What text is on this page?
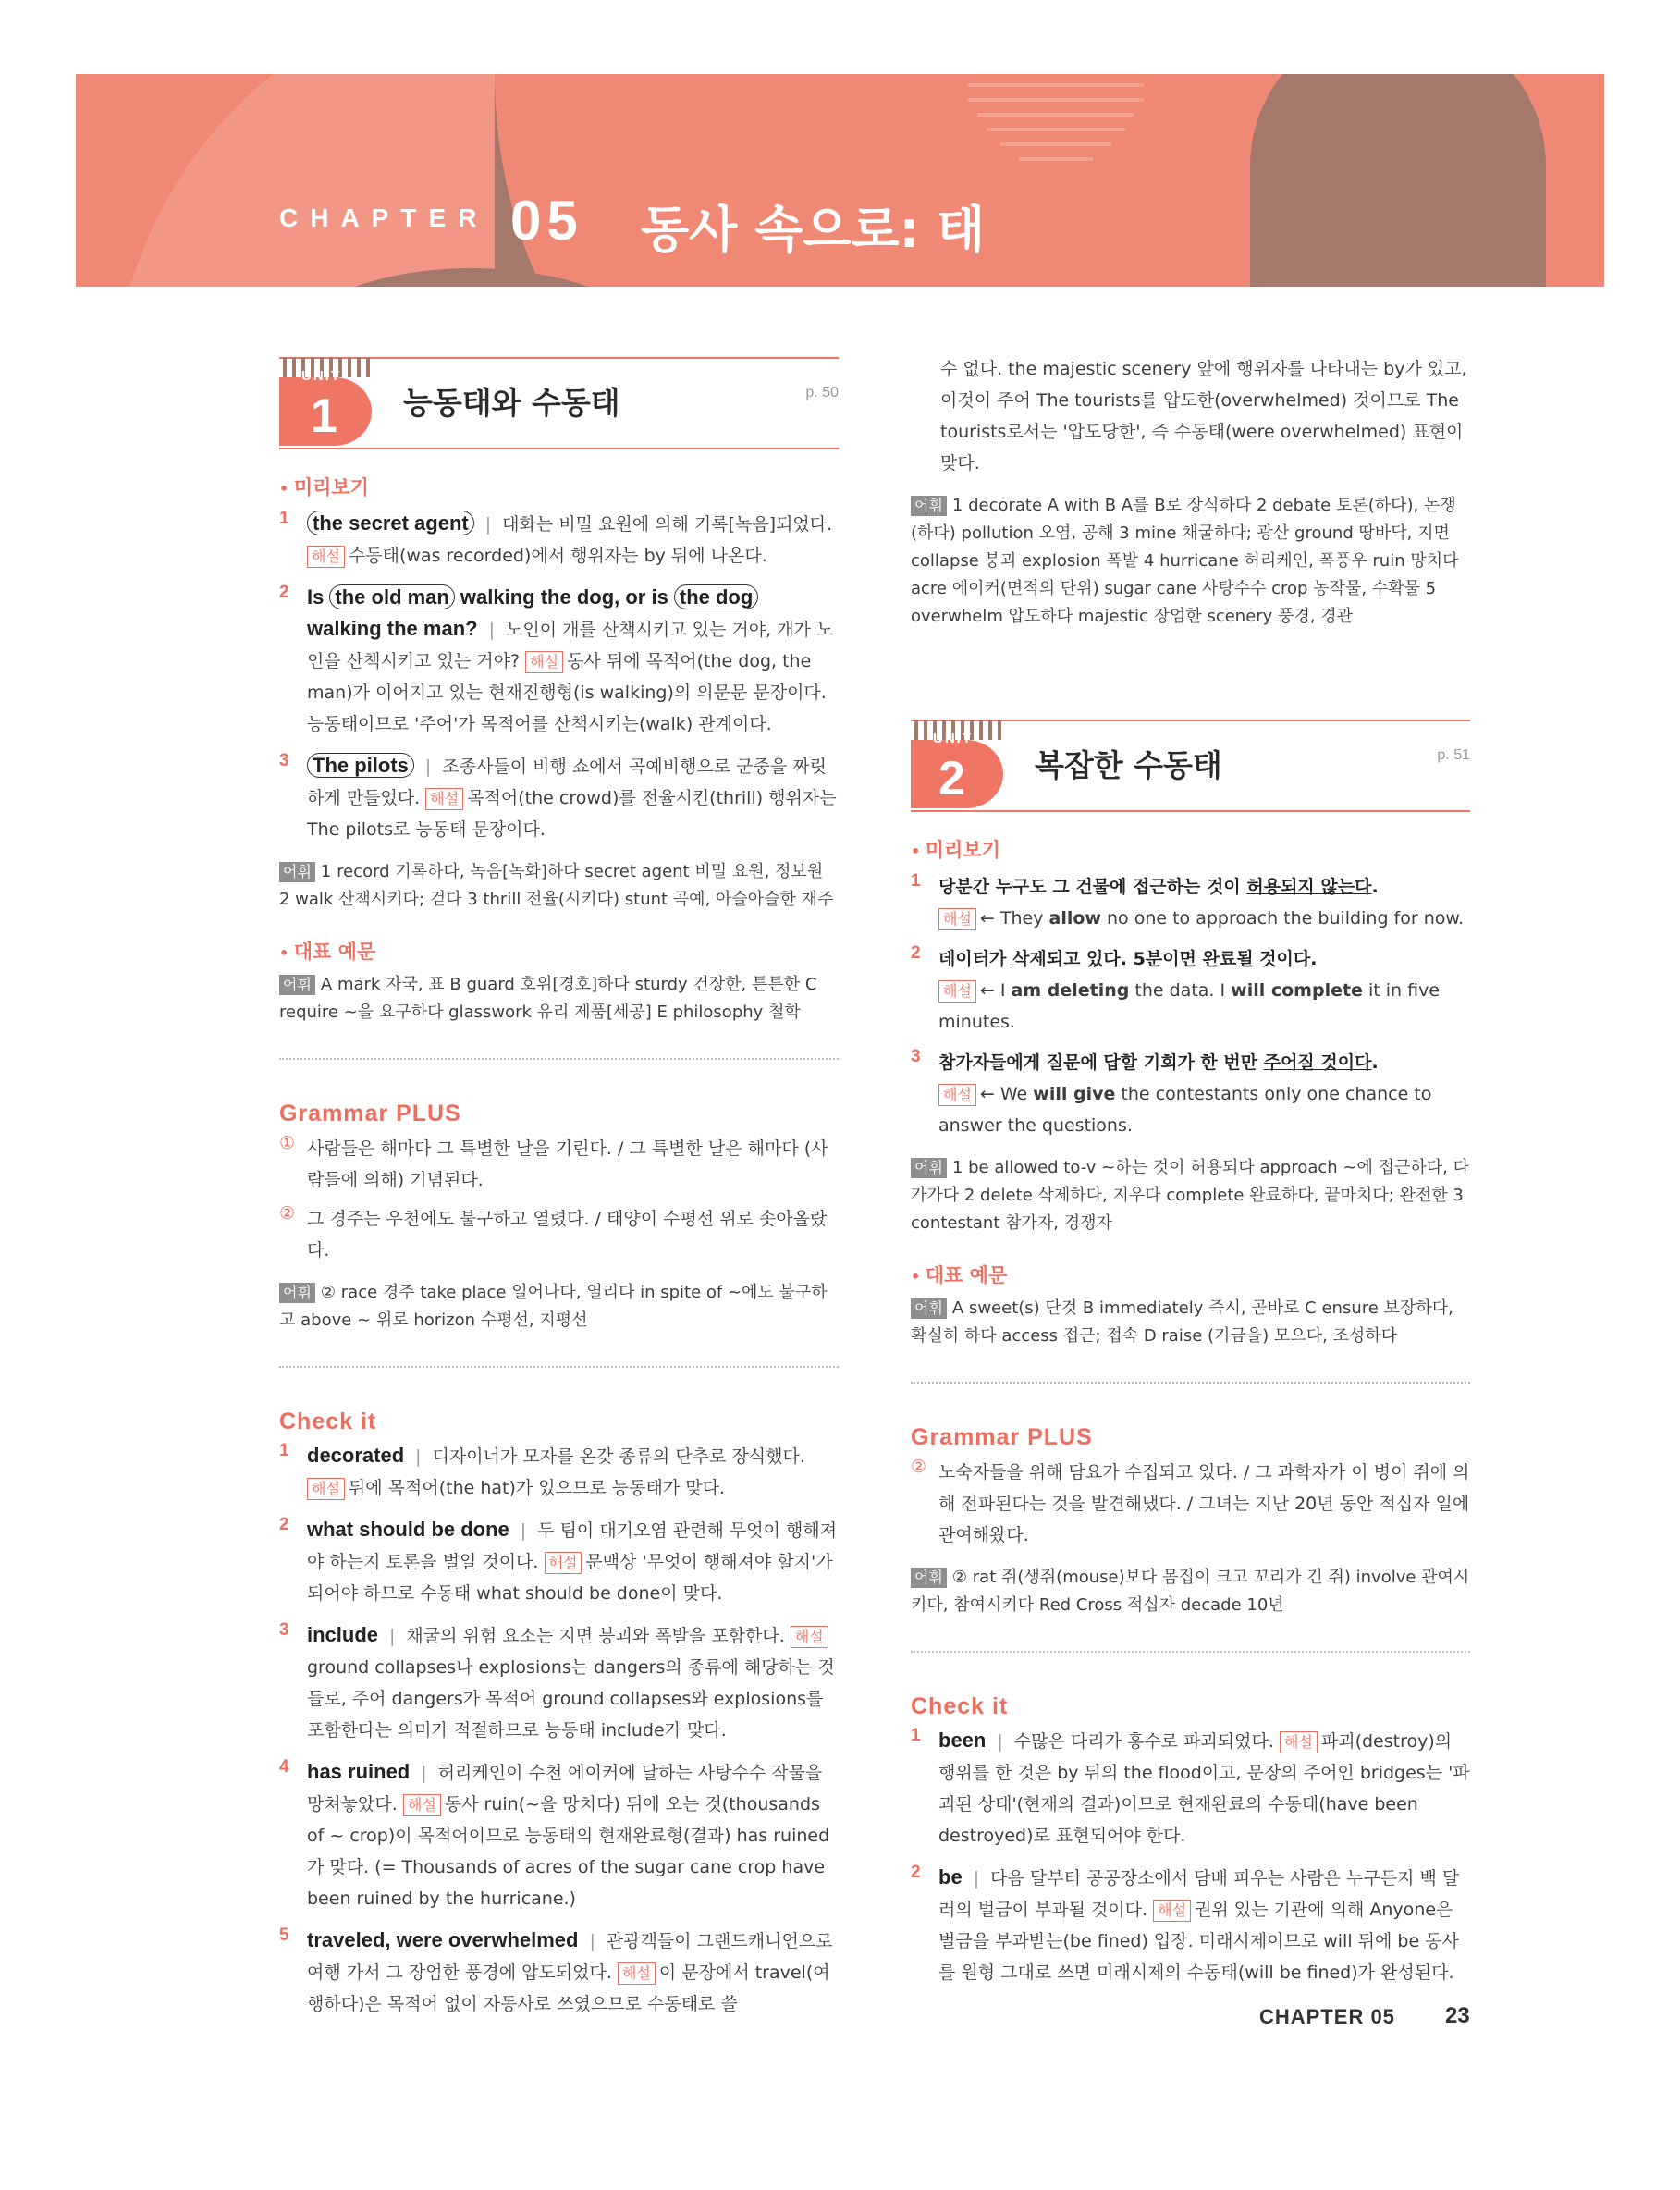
CHAPTER 05 동사 속으로: 태
UNIT
1 능동태와 수동태	p. 50
• 미리보기
1 the secret agent | 대화는 비밀 요원에 의해 기록[녹음]되었다. 해설 수동태(was recorded)에서 행위자는 by 뒤에 나온다.
2 Is the old man walking the dog, or is the dog walking the man? | 노인이 개를 산책시키고 있는 거야, 개가 노인을 산책시키고 있는 거야? 해설 동사 뒤에 목적어(the dog, the man)가 이어지고 있는 현재진행형(is walking)의 의문문 문장이다. 능동태이므로 '주어'가 목적어를 산책시키는(walk) 관계이다.
3 The pilots | 조종사들이 비행 쇼에서 곡예비행으로 군중을 짜릿하게 만들었다. 해설 목적어(the crowd)를 전율시킨(thrill) 행위자는 The pilots로 능동태 문장이다.
어휘 1 record 기록하다, 녹음[녹화]하다 secret agent 비밀 요원, 정보원 2 walk 산책시키다; 걷다 3 thrill 전율(시키다) stunt 곡예, 아슬아슬한 재주
• 대표 예문
어휘 A mark 자국, 표 B guard 호위[경호]하다 sturdy 건장한, 튼튼한 C require ~을 요구하다 glasswork 유리 제품[세공] E philosophy 철학
Grammar PLUS
① 사람들은 해마다 그 특별한 날을 기린다. / 그 특별한 날은 해마다 (사람들에 의해) 기념된다.
② 그 경주는 우천에도 불구하고 열렸다. / 태양이 수평선 위로 솟아올랐다.
어휘 ② race 경주 take place 일어나다, 열리다 in spite of ~에도 불구하고 above ~ 위로 horizon 수평선, 지평선
Check it
1 decorated | 디자이너가 모자를 온갖 종류의 단추로 장식했다. 해설 뒤에 목적어(the hat)가 있으므로 능동태가 맞다.
2 what should be done | 두 팀이 대기오염 관련해 무엇이 행해져야 하는지 토론을 벌일 것이다. 해설 문맥상 '무엇이 행해져야 할지'가 되어야 하므로 수동태 what should be done이 맞다.
3 include | 채굴의 위험 요소는 지면 붕괴와 폭발을 포함한다. 해설ground collapses나 explosions는 dangers의 종류에 해당하는 것들로, 주어 dangers가 목적어 ground collapses와 explosions를 포함한다는 의미가 적절하므로 능동태 include가 맞다.
4 has ruined | 허리케인이 수천 에이커에 달하는 사탕수수 작물을 망쳐놓았다. 해설 동사 ruin(~을 망치다) 뒤에 오는 것(thousands of ~ crop)이 목적어이므로 능동태의 현재완료형(결과) has ruined가 맞다. (= Thousands of acres of the sugar cane crop have been ruined by the hurricane.)
5 traveled, were overwhelmed | 관광객들이 그랜드캐니언으로 여행 가서 그 장엄한 풍경에 압도되었다. 해설 이 문장에서 travel(여행하다)은 목적어 없이 자동사로 쓰였으므로 수동태로 쓸
수 없다. the majestic scenery 앞에 행위자를 나타내는 by가 있고, 이것이 주어 The tourists를 압도한(overwhelmed) 것이므로 The tourists로서는 '압도당한', 즉 수동태(were overwhelmed) 표현이 맞다.
어휘 1 decorate A with B A를 B로 장식하다 2 debate 토론(하다), 논쟁(하다) pollution 오염, 공해 3 mine 채굴하다; 광산 ground 땅바닥, 지면 collapse 붕괴 explosion 폭발 4 hurricane 허리케인, 폭풍우 ruin 망치다 acre 에이커(면적의 단위) sugar cane 사탕수수 crop 농작물, 수확물 5 overwhelm 압도하다 majestic 장엄한 scenery 풍경, 경관
UNIT
2 복잡한 수동태	p. 51
• 미리보기
1 당분간 누구도 그 건물에 접근하는 것이 허용되지 않는다.
해설 ← They allow no one to approach the building for now.
2 데이터가 삭제되고 있다. 5분이면 완료될 것이다.
해설 ← I am deleting the data. I will complete it in five minutes.
3 참가자들에게 질문에 답할 기회가 한 번만 주어질 것이다.
해설 ← We will give the contestants only one chance to answer the questions.
어휘 1 be allowed to-v ~하는 것이 허용되다 approach ~에 접근하다, 다가가다 2 delete 삭제하다, 지우다 complete 완료하다, 끝마치다; 완전한 3 contestant 참가자, 경쟁자
• 대표 예문
어휘 A sweet(s) 단것 B immediately 즉시, 곧바로 C ensure 보장하다, 확실히 하다 access 접근; 접속 D raise (기금을) 모으다, 조성하다
Grammar PLUS
② 노숙자들을 위해 담요가 수집되고 있다. / 그 과학자가 이 병이 쥐에 의해 전파된다는 것을 발견해냈다. / 그녀는 지난 20년 동안 적십자 일에 관여해왔다.
어휘 ② rat 쥐(생쥐(mouse)보다 몸집이 크고 꼬리가 긴 쥐) involve 관여시키다, 참여시키다 Red Cross 적십자 decade 10년
Check it
1 been | 수많은 다리가 홍수로 파괴되었다. 해설 파괴(destroy)의 행위를 한 것은 by 뒤의 the flood이고, 문장의 주어인 bridges는 '파괴된 상태'(현재의 결과)이므로 현재완료의 수동태(have been destroyed)로 표현되어야 한다.
2 be | 다음 달부터 공공장소에서 담배 피우는 사람은 누구든지 백 달러의 벌금이 부과될 것이다. 해설 권위 있는 기관에 의해 Anyone은 벌금을 부과받는(be fined) 입장. 미래시제이므로 will 뒤에 be 동사를 원형 그대로 쓰면 미래시제의 수동태(will be fined)가 완성된다.
CHAPTER 05 23
